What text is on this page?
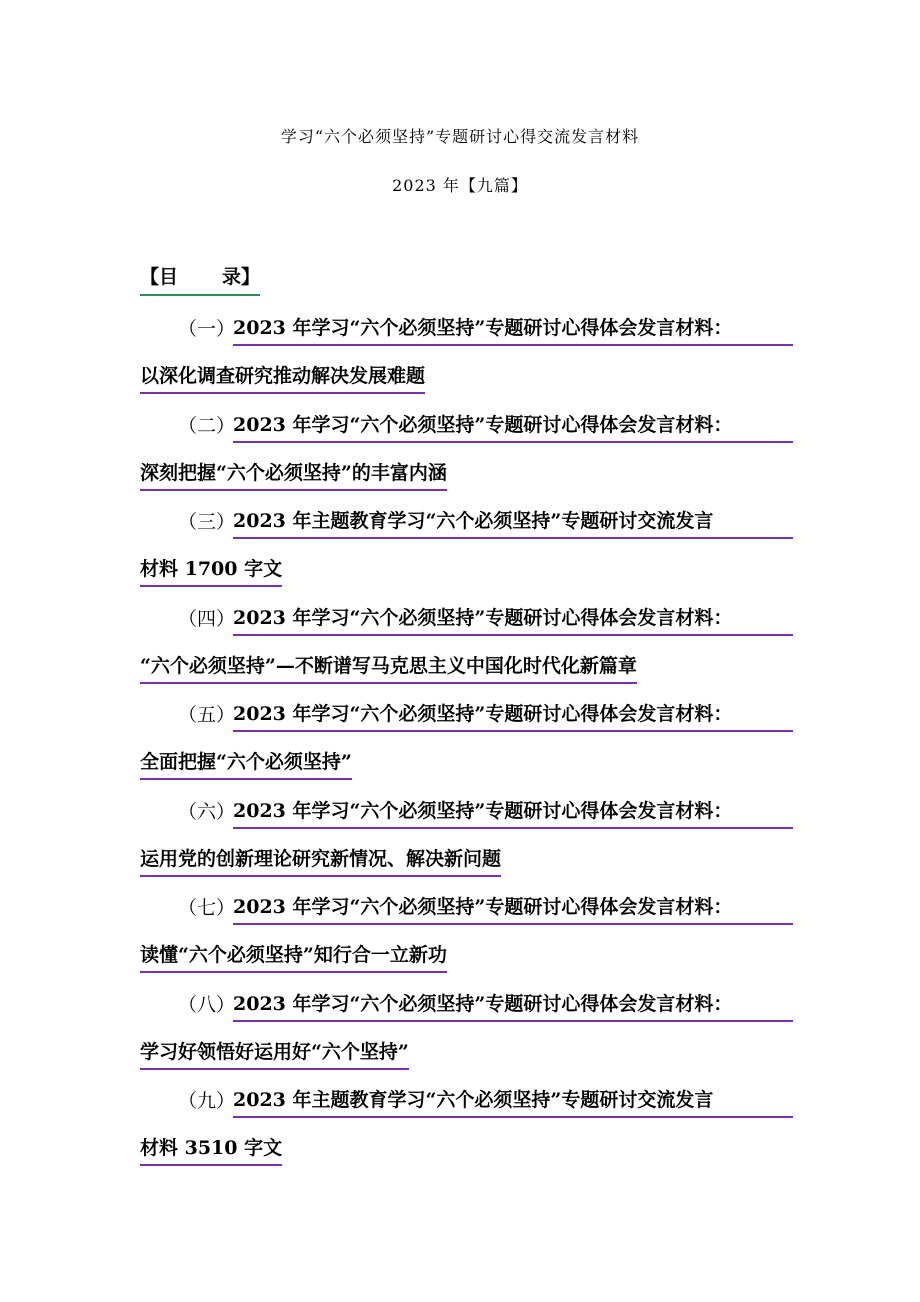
学习“六个必须坚持”专题研讨心得交流发言材料
2023 年【九篇】
【目 录】
（一）
2023 年学习“六个必须坚持”专题研讨心得体会发言材料：
以深化调查研究推动解决发展难题
（二）
2023 年学习“六个必须坚持”专题研讨心得体会发言材料：
深刻把握“六个必须坚持”的丰富内涵
（三）
2023 年主题教育学习“六个必须坚持”专题研讨交流发言
材料 1700 字文
（四）
2023 年学习“六个必须坚持”专题研讨心得体会发言材料：
“六个必须坚持”—不断谱写马克思主义中国化时代化新篇章
（五）
2023 年学习“六个必须坚持”专题研讨心得体会发言材料：
全面把握“六个必须坚持”
（六）
2023 年学习“六个必须坚持”专题研讨心得体会发言材料：
运用党的创新理论研究新情况、解决新问题
（七）
2023 年学习“六个必须坚持”专题研讨心得体会发言材料：
读懂“六个必须坚持”知行合一立新功
（八）
2023 年学习“六个必须坚持”专题研讨心得体会发言材料：
学习好领悟好运用好“六个坚持”
（九）
2023 年主题教育学习“六个必须坚持”专题研讨交流发言
材料 3510 字文
